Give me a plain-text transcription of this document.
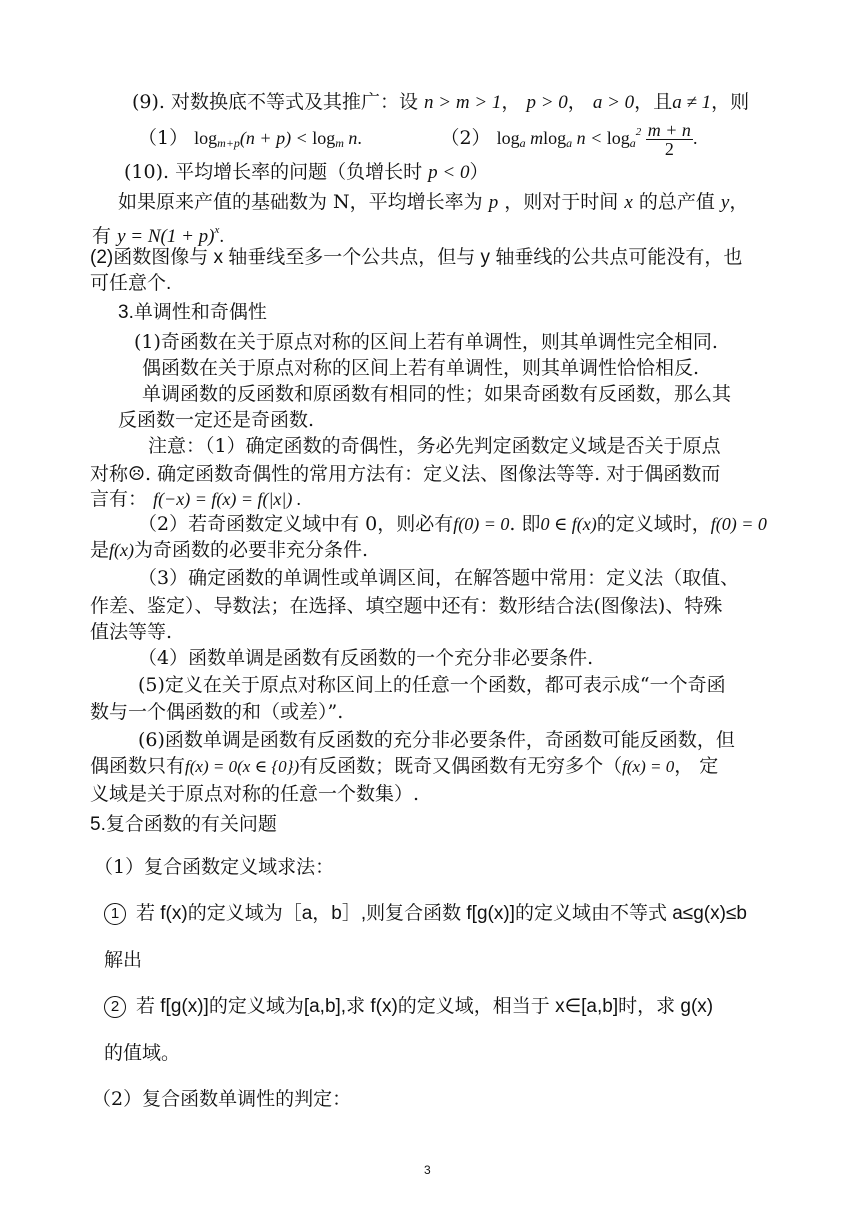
(9). 对数换底不等式及其推广：设 n > m > 1， p > 0， a > 0，且a ≠ 1，则
（1） logm+p(n + p) < logm n.	（2） loga mloga $n < \log a^2 \frac{m + n}{2}$ .
(10). 平均增长率的问题（负增长时 p < 0）
如果原来产值的基础数为 N，平均增长率为 p ，则对于时间 x 的总产值 y，
有 $y = N(1 + p)^x$.
(2)函数图像与 x 轴垂线至多一个公共点，但与 y 轴垂线的公共点可能没有，也
可任意个.
3.单调性和奇偶性
(1)奇函数在关于原点对称的区间上若有单调性，则其单调性完全相同.
偶函数在关于原点对称的区间上若有单调性，则其单调性恰恰相反.
单调函数的反函数和原函数有相同的性；如果奇函数有反函数，那么其
反函数一定还是奇函数.
注意：（1）确定函数的奇偶性，务必先判定函数定义域是否关于原点
对称☹. 确定函数奇偶性的常用方法有：定义法、图像法等等. 对于偶函数而
言有： f(−x) = f(x) = f(|x|) .
（2）若奇函数定义域中有 0，则必有f(0) = 0. 即0 ∈ f(x)的定义域时，f(0) = 0
是f(x)为奇函数的必要非充分条件.
（3）确定函数的单调性或单调区间，在解答题中常用：定义法（取值、
作差、鉴定）、导数法；在选择、填空题中还有：数形结合法(图像法)、特殊
值法等等.
（4）函数单调是函数有反函数的一个充分非必要条件.
(5)定义在关于原点对称区间上的任意一个函数，都可表示成“一个奇函
数与一个偶函数的和（或差）”.
(6)函数单调是函数有反函数的充分非必要条件，奇函数可能反函数，但
偶函数只有f(x) = 0(x ∈ {0})有反函数；既奇又偶函数有无穷多个（f(x) = 0， 定
义域是关于原点对称的任意一个数集）.
5.复合函数的有关问题
（1）复合函数定义域求法：
1 若 f(x)的定义域为［a，b］,则复合函数 f[g(x)]的定义域由不等式 a≤g(x)≤b
解出
2 若 f[g(x)]的定义域为[a,b],求 f(x)的定义域，相当于 x∈[a,b]时，求 g(x)
的值域。
（2）复合函数单调性的判定：
3
